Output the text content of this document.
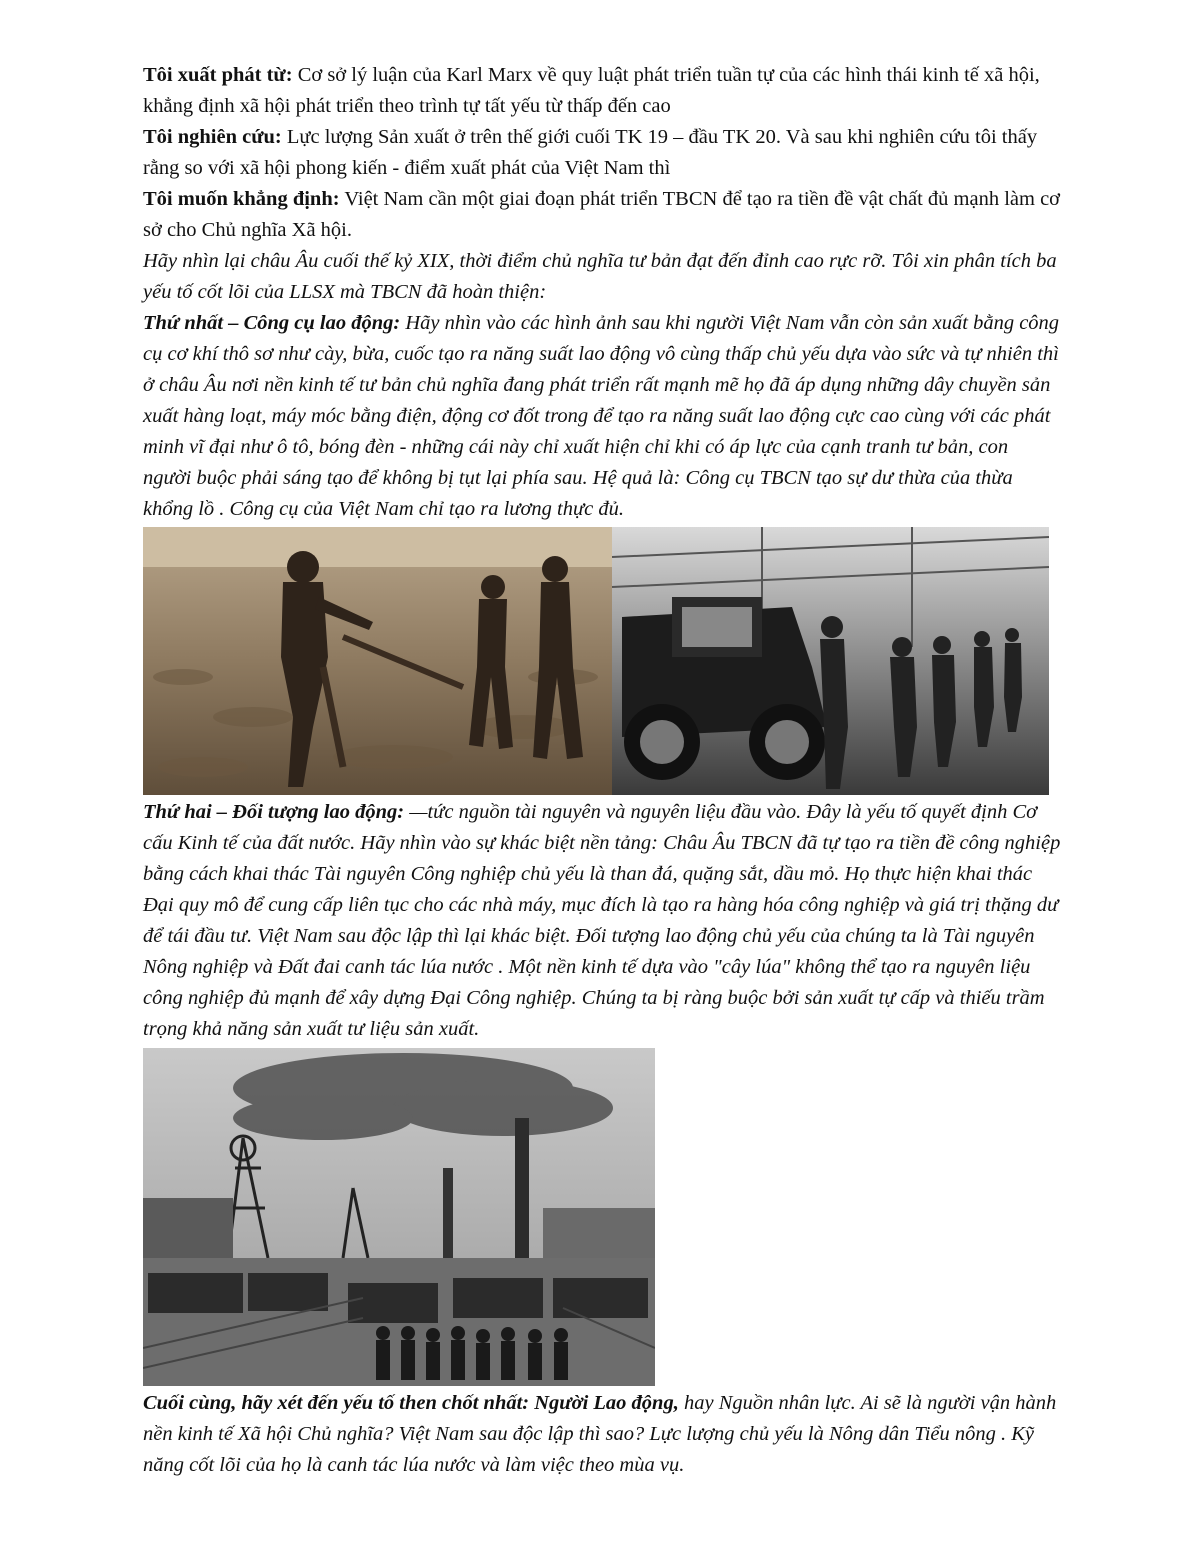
Tôi xuất phát từ: Cơ sở lý luận của Karl Marx về quy luật phát triển tuần tự của các hình thái kinh tế xã hội, khẳng định xã hội phát triển theo trình tự tất yếu từ thấp đến cao

Tôi nghiên cứu: Lực lượng Sản xuất ở trên thế giới cuối TK 19 – đầu TK 20. Và sau khi nghiên cứu tôi thấy rằng so với xã hội phong kiến - điểm xuất phát của Việt Nam thì

Tôi muốn khẳng định: Việt Nam cần một giai đoạn phát triển TBCN để tạo ra tiền đề vật chất đủ mạnh làm cơ sở cho Chủ nghĩa Xã hội.

Hãy nhìn lại châu Âu cuối thế kỷ XIX, thời điểm chủ nghĩa tư bản đạt đến đỉnh cao rực rỡ. Tôi xin phân tích ba yếu tố cốt lõi của LLSX mà TBCN đã hoàn thiện:

Thứ nhất – Công cụ lao động: Hãy nhìn vào các hình ảnh sau khi người Việt Nam vẫn còn sản xuất bằng công cụ cơ khí thô sơ như cày, bừa, cuốc tạo ra năng suất lao động vô cùng thấp chủ yếu dựa vào sức và tự nhiên thì ở châu Âu nơi nền kinh tế tư bản chủ nghĩa đang phát triển rất mạnh mẽ họ đã áp dụng những dây chuyền sản xuất hàng loạt, máy móc bằng điện, động cơ đốt trong để tạo ra năng suất lao động cực cao cùng với các phát minh vĩ đại như ô tô, bóng đèn - những cái này chỉ xuất hiện chỉ khi có áp lực của cạnh tranh tư bản, con người buộc phải sáng tạo để không bị tụt lại phía sau. Hệ quả là: Công cụ TBCN tạo sự dư thừa của thừa khổng lồ . Công cụ của Việt Nam chỉ tạo ra lương thực đủ.

Thứ hai – Đối tượng lao động: —tức nguồn tài nguyên và nguyên liệu đầu vào. Đây là yếu tố quyết định Cơ cấu Kinh tế của đất nước. Hãy nhìn vào sự khác biệt nền tảng: Châu Âu TBCN đã tự tạo ra tiền đề công nghiệp bằng cách khai thác Tài nguyên Công nghiệp chủ yếu là than đá, quặng sắt, dầu mỏ. Họ thực hiện khai thác Đại quy mô để cung cấp liên tục cho các nhà máy, mục đích là tạo ra hàng hóa công nghiệp và giá trị thặng dư để tái đầu tư. Việt Nam sau độc lập thì lại khác biệt. Đối tượng lao động chủ yếu của chúng ta là Tài nguyên Nông nghiệp và Đất đai canh tác lúa nước . Một nền kinh tế dựa vào "cây lúa" không thể tạo ra nguyên liệu công nghiệp đủ mạnh để xây dựng Đại Công nghiệp. Chúng ta bị ràng buộc bởi sản xuất tự cấp và thiếu trầm trọng khả năng sản xuất tư liệu sản xuất.

Cuối cùng, hãy xét đến yếu tố then chốt nhất: Người Lao động, hay Nguồn nhân lực. Ai sẽ là người vận hành nền kinh tế Xã hội Chủ nghĩa? Việt Nam sau độc lập thì sao? Lực lượng chủ yếu là Nông dân Tiểu nông . Kỹ năng cốt lõi của họ là canh tác lúa nước và làm việc theo mùa vụ.
